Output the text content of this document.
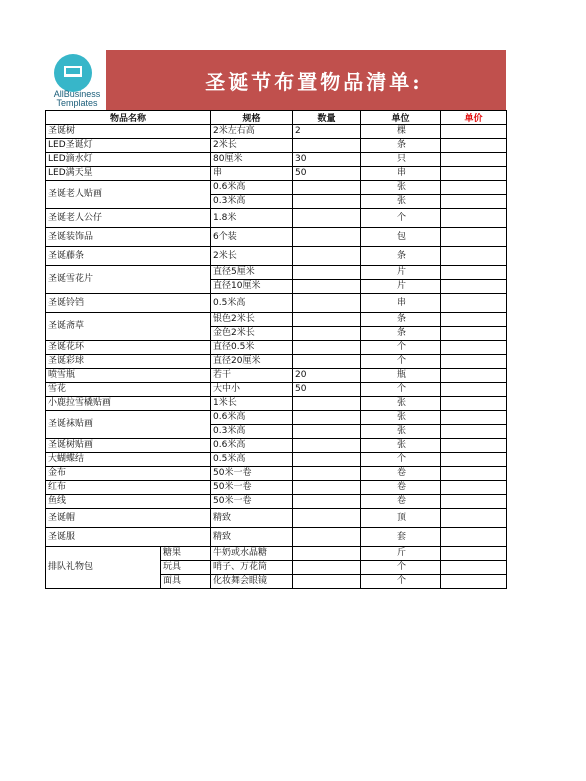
AllBusiness
Templates
圣诞节布置物品清单:
物品名称		规格	数量	单位	单价
圣诞树		2米左右高	2	棵	
LED圣诞灯		2米长		条	
LED滴水灯		80厘米	30	只	
LED满天星		串	50	串	
圣诞老人贴画		0.6米高		张	
		0.3米高		张	
圣诞老人公仔		1.8米		个	
圣诞装饰品		6个装		包	
圣诞藤条		2米长		条	
圣诞雪花片		直径5厘米		片	
		直径10厘米		片	
圣诞铃铛		0.5米高		串	
圣诞斋草		银色2米长		条	
		金色2米长		条	
圣诞花环		直径0.5米		个	
圣诞彩球		直径20厘米		个	
喷雪瓶		若干	20	瓶	
雪花		大中小	50	个	
小鹿拉雪橇贴画		1米长		张	
圣诞袜贴画		0.6米高		张	
		0.3米高		张	
圣诞树贴画		0.6米高		张	
大蝴蝶结		0.5米高		个	
金布		50米一卷		卷	
红布		50米一卷		卷	
鱼线		50米一卷		卷	
圣诞帽		精致		顶	
圣诞服		精致		套	
排队礼物包	糖果	牛奶或水晶糖		斤	
	玩具	哨子、万花筒		个	
	面具	化妆舞会眼镜		个	
